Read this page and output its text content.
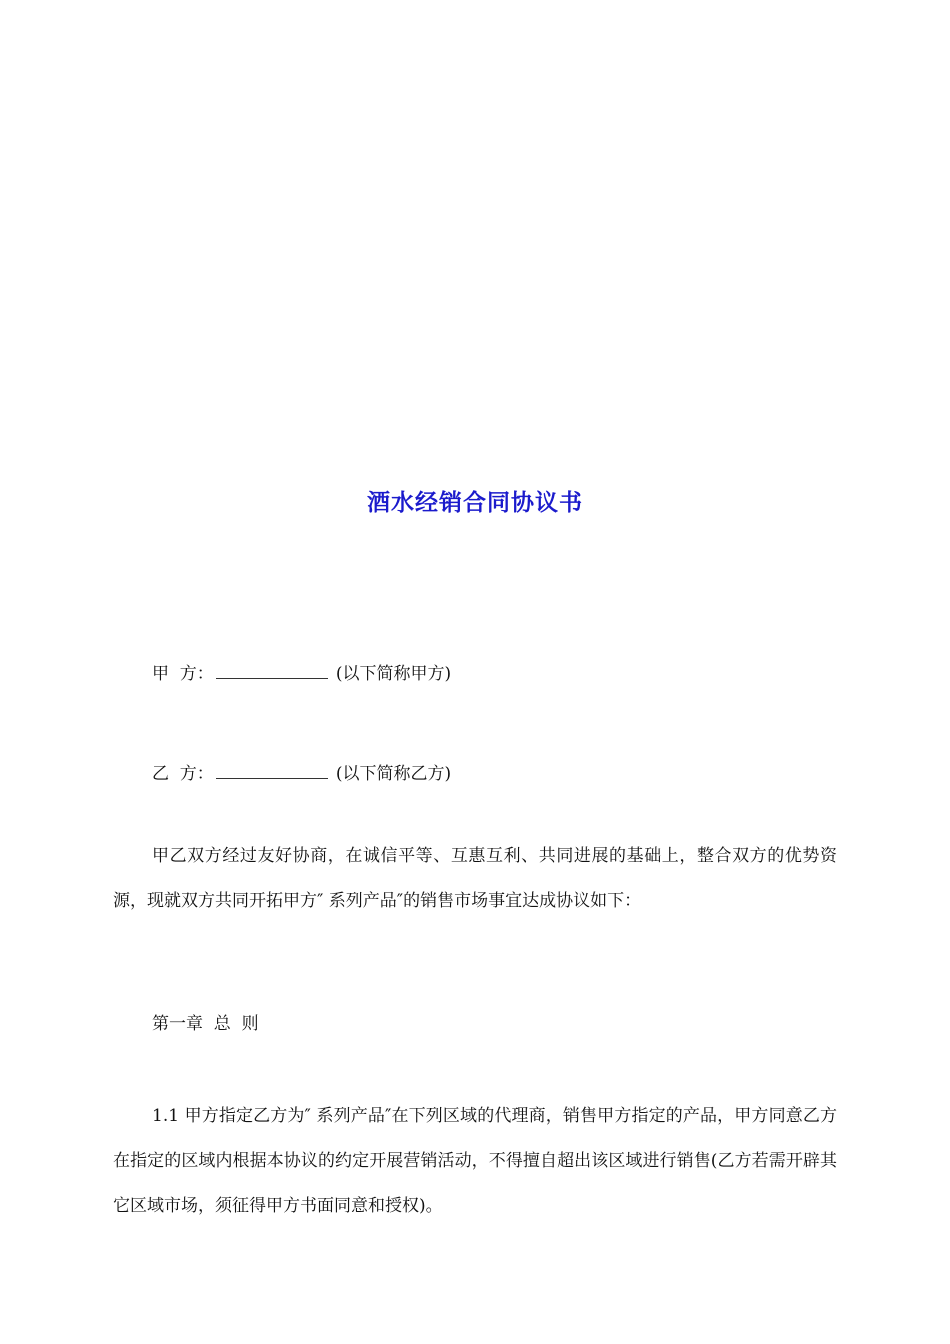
酒水经销合同协议书
甲  方：	(以下简称甲方)
乙  方：	(以下简称乙方)

甲乙双方经过友好协商，在诚信平等、互惠互利、共同进展的基础上，整合双方的优势资源，现就双方共同开拓甲方″ 系列产品″的销售市场事宜达成协议如下：

第一章  总  则

1.1 甲方指定乙方为″ 系列产品″在下列区域的代理商，销售甲方指定的产品，甲方同意乙方在指定的区域内根据本协议的约定开展营销活动，不得擅自超出该区域进行销售(乙方若需开辟其它区域市场，须征得甲方书面同意和授权)。
